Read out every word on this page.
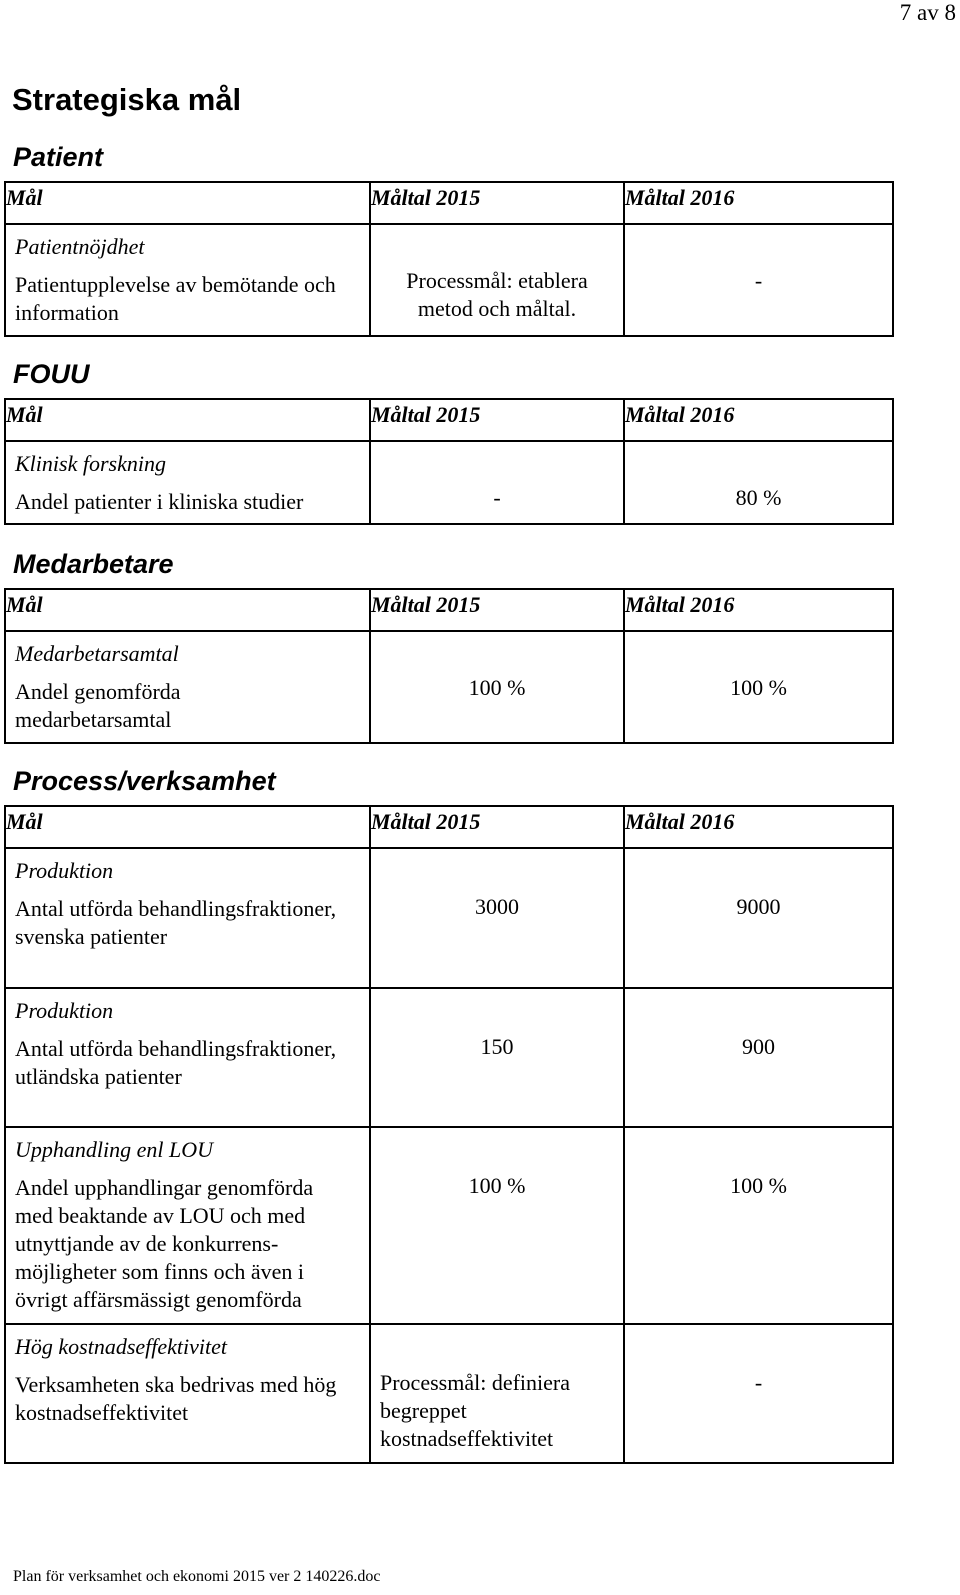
7 av 8
Strategiska mål
Patient
Mål	Måltal 2015	Måltal 2016

Patientnöjdhet
Patientupplevelse av bemötande och information	Processmål: etablera metod och måltal.	-
FOUU
Mål	Måltal 2015	Måltal 2016

Klinisk forskning
Andel patienter i kliniska studier	-	80 %
Medarbetare
Mål	Måltal 2015	Måltal 2016

Medarbetarsamtal
Andel genomförda medarbetarsamtal	100 %	100 %
Process/verksamhet
Mål	Måltal 2015	Måltal 2016

Produktion
Antal utförda behandlingsfraktioner, svenska patienter	3000	9000

Produktion
Antal utförda behandlingsfraktioner, utländska patienter	150	900

Upphandling enl LOU
Andel upphandlingar genomförda med beaktande av LOU och med utnyttjande av de konkurrens-möjligheter som finns och även i övrigt affärsmässigt genomförda	100 %	100 %

Hög kostnadseffektivitet
Verksamheten ska bedrivas med hög kostnadseffektivitet	Processmål: definiera begreppet kostnadseffektivitet	-
Plan för verksamhet och ekonomi 2015 ver 2 140226.doc
